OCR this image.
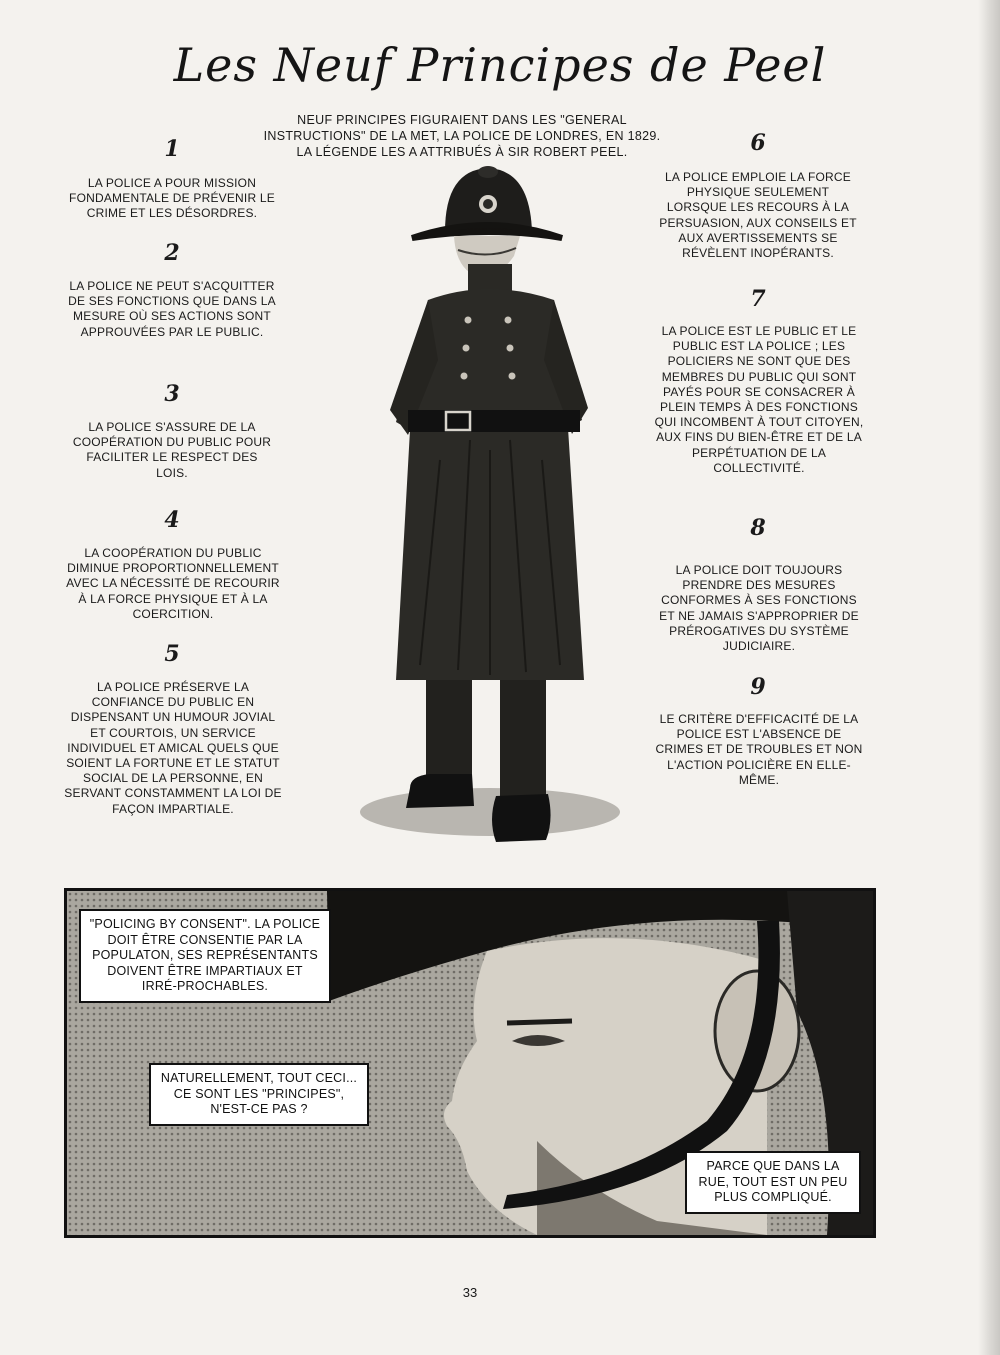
Les Neuf Principes de Peel
NEUF PRINCIPES FIGURAIENT DANS LES "GENERAL INSTRUCTIONS" DE LA MET, LA POLICE DE LONDRES, EN 1829. LA LÉGENDE LES A ATTRIBUÉS À SIR ROBERT PEEL.
1
LA POLICE A POUR MISSION FONDAMENTALE DE PRÉVENIR LE CRIME ET LES DÉSORDRES.
2
LA POLICE NE PEUT S'ACQUITTER DE SES FONCTIONS QUE DANS LA MESURE OÙ SES ACTIONS SONT APPROUVÉES PAR LE PUBLIC.
3
LA POLICE S'ASSURE DE LA COOPÉRATION DU PUBLIC POUR FACILITER LE RESPECT DES LOIS.
4
LA COOPÉRATION DU PUBLIC DIMINUE PROPORTIONNELLEMENT AVEC LA NÉCESSITÉ DE RECOURIR À LA FORCE PHYSIQUE ET À LA COERCITION.
5
LA POLICE PRÉSERVE LA CONFIANCE DU PUBLIC EN DISPENSANT UN HUMOUR JOVIAL ET COURTOIS, UN SERVICE INDIVIDUEL ET AMICAL QUELS QUE SOIENT LA FORTUNE ET LE STATUT SOCIAL DE LA PERSONNE, EN SERVANT CONSTAMMENT LA LOI DE FAÇON IMPARTIALE.
6
LA POLICE EMPLOIE LA FORCE PHYSIQUE SEULEMENT LORSQUE LES RECOURS À LA PERSUASION, AUX CONSEILS ET AUX AVERTISSEMENTS SE RÉVÈLENT INOPÉRANTS.
7
LA POLICE EST LE PUBLIC ET LE PUBLIC EST LA POLICE ; LES POLICIERS NE SONT QUE DES MEMBRES DU PUBLIC QUI SONT PAYÉS POUR SE CONSACRER À PLEIN TEMPS À DES FONCTIONS QUI INCOMBENT À TOUT CITOYEN, AUX FINS DU BIEN-ÊTRE ET DE LA PERPÉTUATION DE LA COLLECTIVITÉ.
8
LA POLICE DOIT TOUJOURS PRENDRE DES MESURES CONFORMES À SES FONCTIONS ET NE JAMAIS S'APPROPRIER DE PRÉROGATIVES DU SYSTÈME JUDICIAIRE.
9
LE CRITÈRE D'EFFICACITÉ DE LA POLICE EST L'ABSENCE DE CRIMES ET DE TROUBLES ET NON L'ACTION POLICIÈRE EN ELLE-MÊME.
"POLICING BY CONSENT". LA POLICE DOIT ÊTRE CONSENTIE PAR LA POPULATON, SES REPRÉSENTANTS DOIVENT ÊTRE IMPARTIAUX ET IRRÉ-PROCHABLES.
NATURELLEMENT, TOUT CECI... CE SONT LES "PRINCIPES", N'EST-CE PAS ?
PARCE QUE DANS LA RUE, TOUT EST UN PEU PLUS COMPLIQUÉ.
33
